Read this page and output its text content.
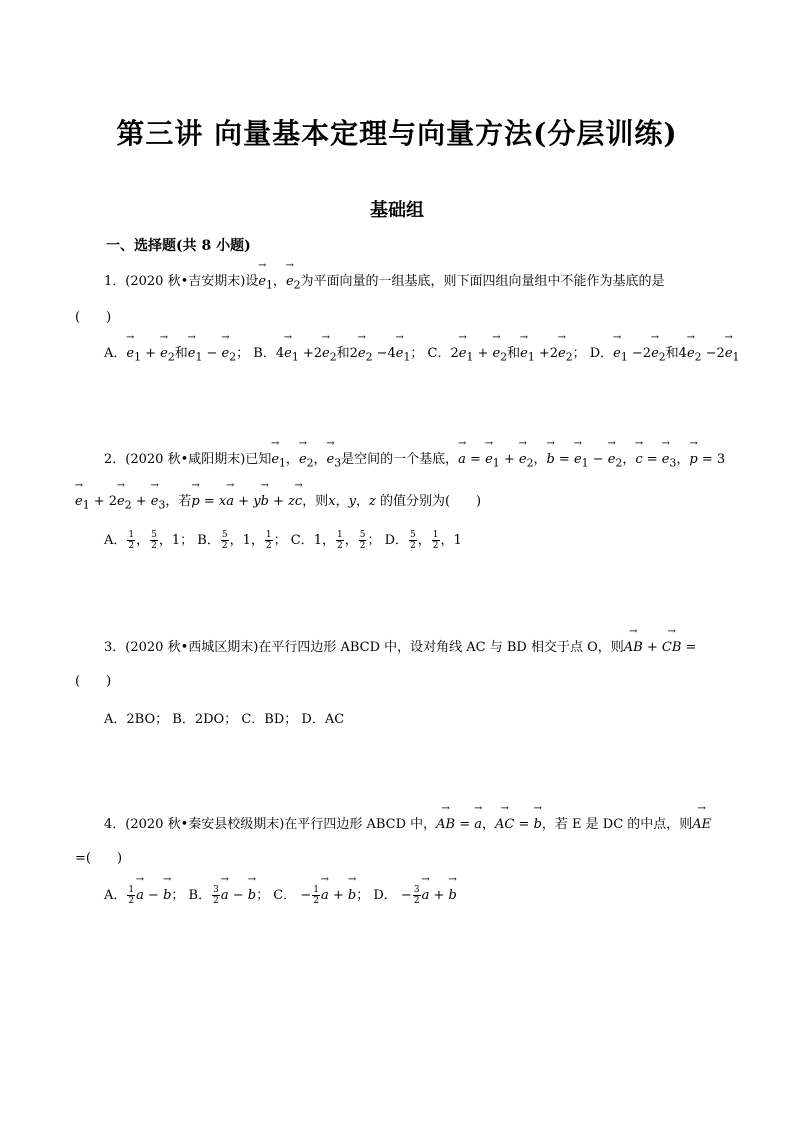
第三讲 向量基本定理与向量方法(分层训练)
基础组
一、选择题(共 8 小题)
1．(2020 秋•吉安期末)设→ $e_1$，→ $e_2$为平面向量的一组基底，则下面四组向量组中不能作为基底的是
(　　)
A．→ $e_1$ + → $e_2$和→ $e_1$ − → $e_2$； B．$4\to e_1 +2\to e_2$和$2\to e_2 -4\to e_1$； C．$2\to e_1$ + → $e_2$和→ $e_1 +2\to e_2$； D．→ $e_1 -2\to e_2$和$4\to e_2 -2\to e_1$
2．(2020 秋•咸阳期末)已知→ $e_1$，→ $e_2$，→ $e_3$是空间的一个基底，→ a = → $e_1$ + → $e_2$，→ b = → $e_1$ − → $e_2$，→ c = → $e_3$，→ p = 3
→ $e_1 + 2\to e_2$ + → $e_3$，若→ p = x→ a + y→ b + z→ c，则x，y，z 的值分别为(　　)
A． $\frac{1}{2}$ ， $\frac{5}{2}$ ，1； B． $\frac{5}{2}$ ，1， $\frac{1}{2}$ ； C．1， $\frac{1}{2}$ ， $\frac{5}{2}$ ； D． $\frac{5}{2}$ ， $\frac{1}{2}$ ，1
3．(2020 秋•西城区期末)在平行四边形 ABCD 中，设对角线 AC 与 BD 相交于点 O，则→ AB + → CB =
(　　)
A．2BO； B．2DO； C．BD； D．AC
4．(2020 秋•秦安县校级期末)在平行四边形 ABCD 中，→ AB = → a，→ AC = → b，若 E 是 DC 的中点，则→ AE
=(　　)
A． $\frac{1}{2}$
→ a − → b； B． $\frac{3}{2}$
→ a − → b； C． − $\frac{1}{2}$
→ a + → b； D． − $\frac{3}{2}$
→ a + → b
